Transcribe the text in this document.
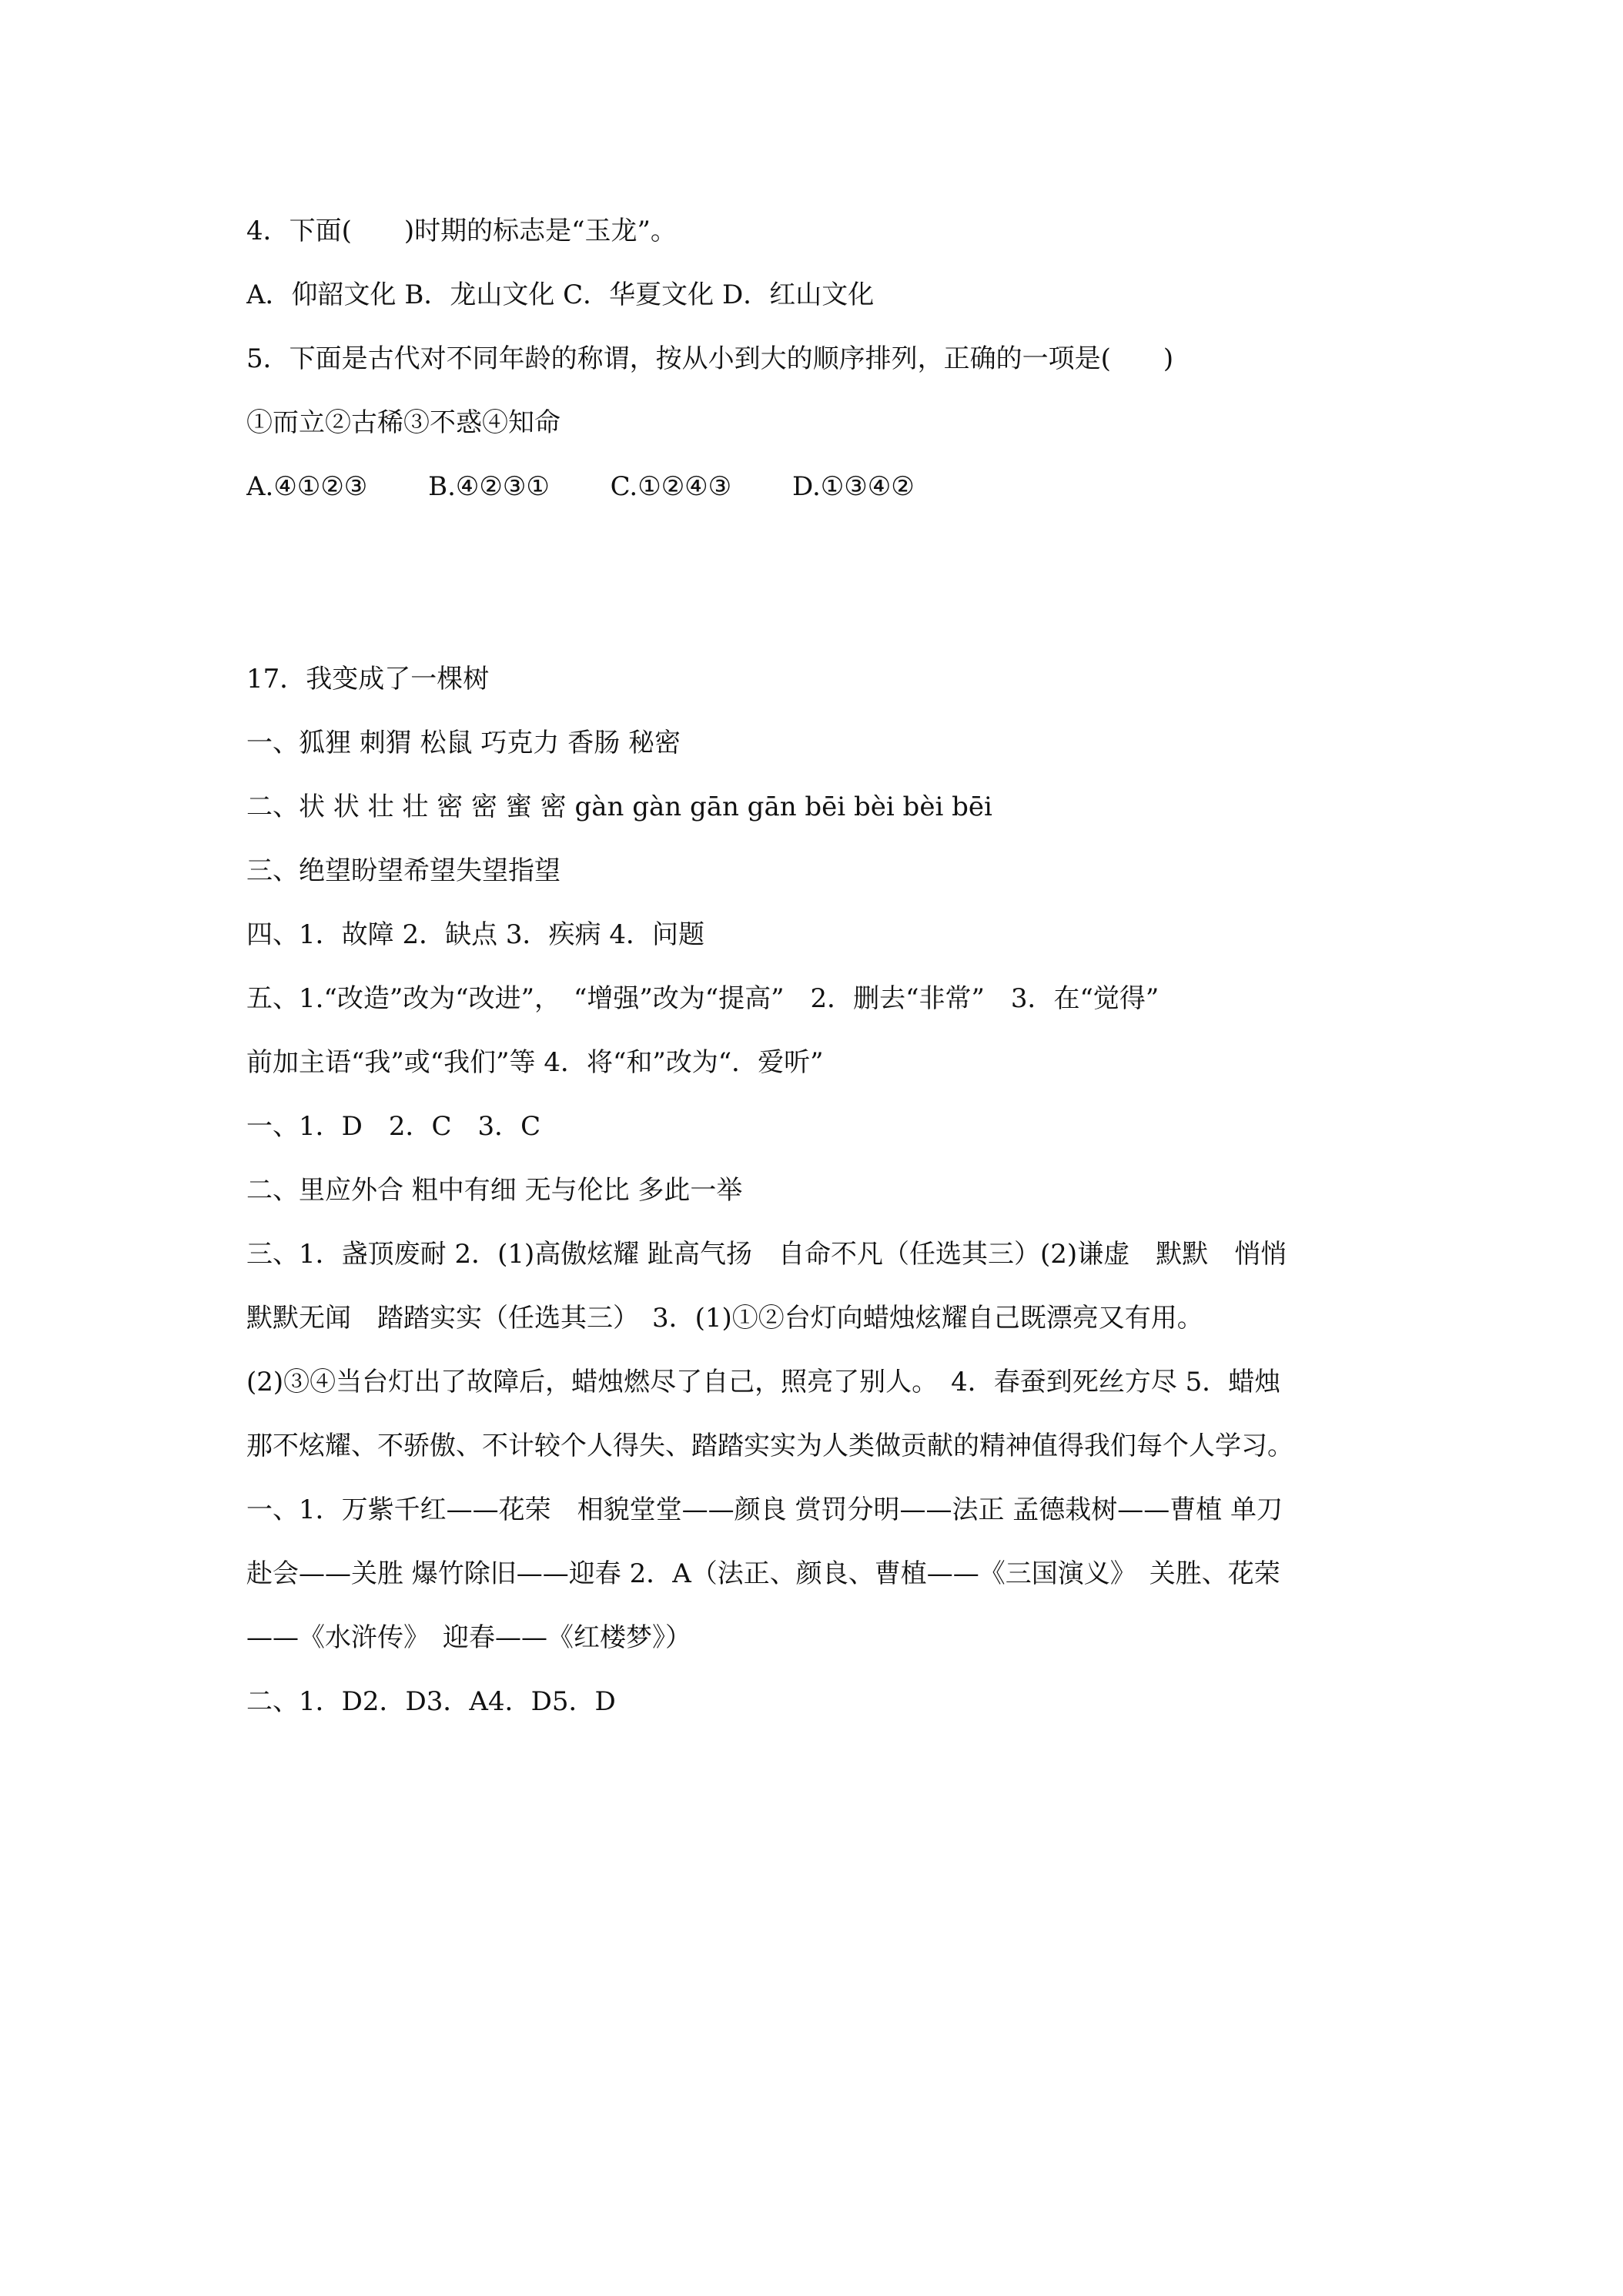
4．下面(　　)时期的标志是“玉龙”。
A．仰韶文化 B．龙山文化 C．华夏文化 D．红山文化
5．下面是古代对不同年龄的称谓，按从小到大的顺序排列，正确的一项是(　　)
①而立②古稀③不惑④知命
A.④①②③　　 B.④②③①　　 C.①②④③　　 D.①③④②
17．我变成了一棵树
一、狐狸 刺猬 松鼠 巧克力 香肠 秘密
二、状 状 壮 壮 密 密 蜜 密 gàn gàn gān gān bēi bèi bèi bēi
三、绝望盼望希望失望指望
四、1．故障 2．缺点 3．疾病 4．问题
五、1.“改造”改为“改进”，　“增强”改为“提高”　2．删去“非常”　3．在“觉得”
前加主语“我”或“我们”等 4．将“和”改为“．爱听”
一、1．D　2．C　3．C
二、里应外合 粗中有细 无与伦比 多此一举
三、1．盏顶废耐 2．(1)高傲炫耀 趾高气扬　自命不凡（任选其三）(2)谦虚　默默　悄悄
默默无闻　踏踏实实（任选其三）　3．(1)①②台灯向蜡烛炫耀自己既漂亮又有用。
(2)③④当台灯出了故障后，蜡烛燃尽了自己，照亮了别人。　4．春蚕到死丝方尽 5．蜡烛
那不炫耀、不骄傲、不计较个人得失、踏踏实实为人类做贡献的精神值得我们每个人学习。
一、1．万紫千红——花荣　相貌堂堂——颜良 赏罚分明——法正 孟德栽树——曹植 单刀
赴会——关胜 爆竹除旧——迎春 2．A（法正、颜良、曹植——《三国演义》　关胜、花荣
——《水浒传》　迎春——《红楼梦》）
二、1．D2．D3．A4．D5．D
